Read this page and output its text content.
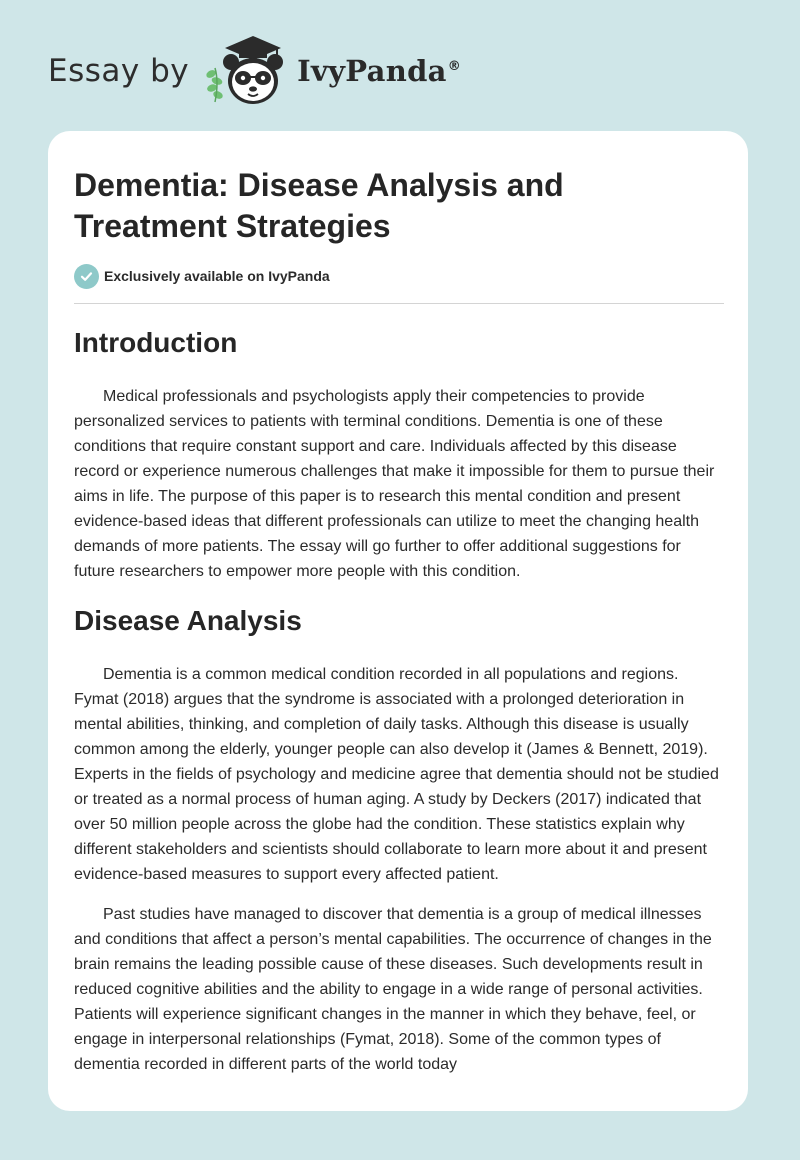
Essay by	IvyPanda®
Dementia: Disease Analysis and Treatment Strategies
Exclusively available on IvyPanda
Introduction

Medical professionals and psychologists apply their competencies to provide personalized services to patients with terminal conditions. Dementia is one of these conditions that require constant support and care. Individuals affected by this disease record or experience numerous challenges that make it impossible for them to pursue their aims in life. The purpose of this paper is to research this mental condition and present evidence-based ideas that different professionals can utilize to meet the changing health demands of more patients. The essay will go further to offer additional suggestions for future researchers to empower more people with this condition.

Disease Analysis

Dementia is a common medical condition recorded in all populations and regions. Fymat (2018) argues that the syndrome is associated with a prolonged deterioration in mental abilities, thinking, and completion of daily tasks. Although this disease is usually common among the elderly, younger people can also develop it (James & Bennett, 2019). Experts in the fields of psychology and medicine agree that dementia should not be studied or treated as a normal process of human aging. A study by Deckers (2017) indicated that over 50 million people across the globe had the condition. These statistics explain why different stakeholders and scientists should collaborate to learn more about it and present evidence-based measures to support every affected patient.

Past studies have managed to discover that dementia is a group of medical illnesses and conditions that affect a person’s mental capabilities. The occurrence of changes in the brain remains the leading possible cause of these diseases. Such developments result in reduced cognitive abilities and the ability to engage in a wide range of personal activities. Patients will experience significant changes in the manner in which they behave, feel, or engage in interpersonal relationships (Fymat, 2018). Some of the common types of dementia recorded in different parts of the world today
